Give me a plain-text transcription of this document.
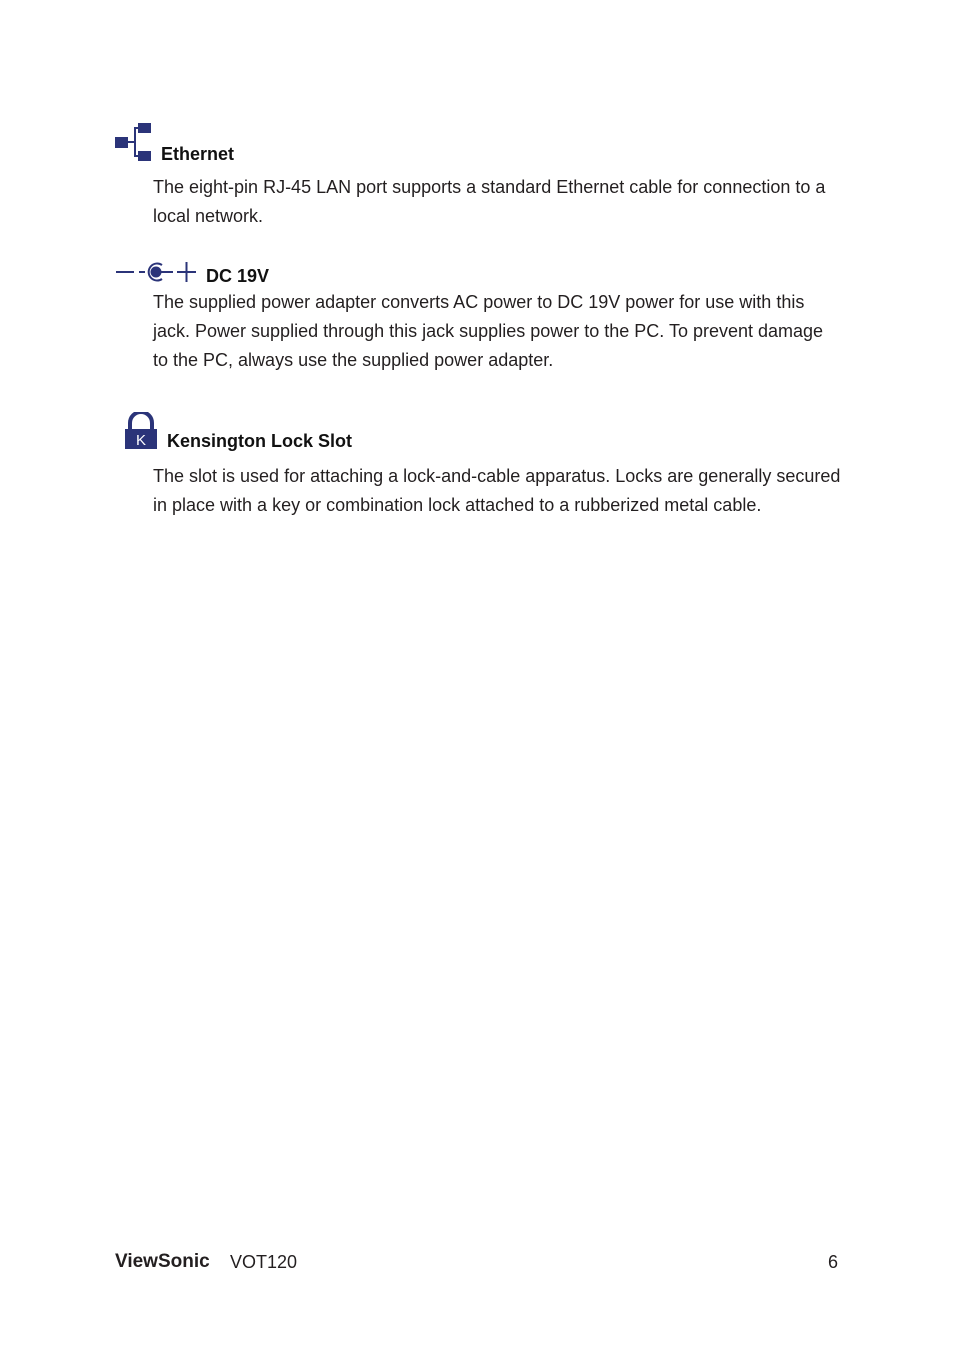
Ethernet
The eight-pin RJ-45 LAN port supports a standard Ethernet cable for connection to a local network.
DC 19V
The supplied power adapter converts AC power to DC 19V power for use with this jack. Power supplied through this jack supplies power to the PC. To prevent damage to the PC, always use the supplied power adapter.
K Kensington Lock Slot
The slot is used for attaching a lock-and-cable apparatus. Locks are generally secured in place with a key or combination lock attached to a rubberized metal cable.
ViewSonic VOT120	6
